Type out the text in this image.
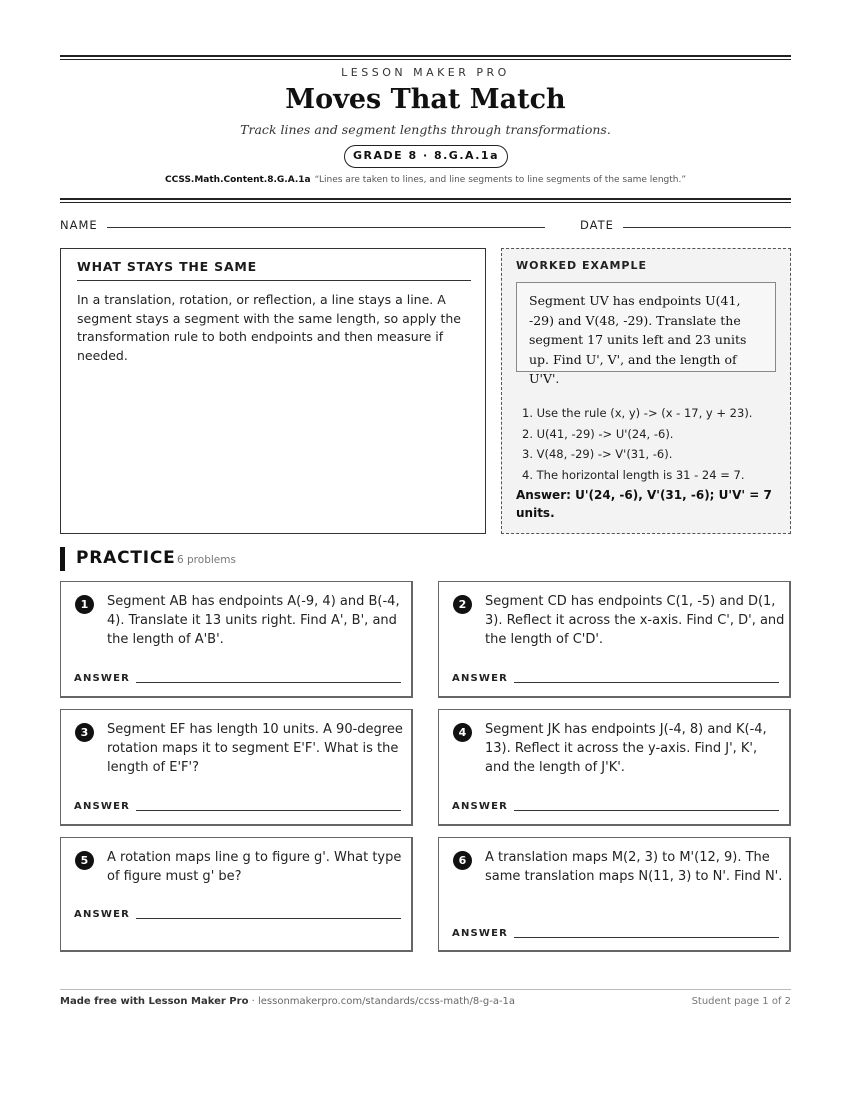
LESSON MAKER PRO
Moves That Match
Track lines and segment lengths through transformations.
GRADE 8 · 8.G.A.1a
CCSS.Math.Content.8.G.A.1a “Lines are taken to lines, and line segments to line segments of the same length.”
NAME	DATE
WHAT STAYS THE SAME
In a translation, rotation, or reflection, a line stays a line. A segment stays a segment with the same length, so apply the transformation rule to both endpoints and then measure if needed.
WORKED EXAMPLE
Segment UV has endpoints U(41, -29) and V(48, -29). Translate the segment 17 units left and 23 units up. Find U', V', and the length of U'V'.
1. Use the rule (x, y) -> (x - 17, y + 23).
2. U(41, -29) -> U'(24, -6).
3. V(48, -29) -> V'(31, -6).
4. The horizontal length is 31 - 24 = 7.
Answer: U'(24, -6), V'(31, -6); U'V' = 7 units.
PRACTICE 6 problems
1	Segment AB has endpoints A(-9, 4) and B(-4, 4). Translate it 13 units right. Find A', B', and the length of A'B'.
ANSWER
2	Segment CD has endpoints C(1, -5) and D(1, 3). Reflect it across the x-axis. Find C', D', and the length of C'D'.
ANSWER
3	Segment EF has length 10 units. A 90-degree rotation maps it to segment E'F'. What is the length of E'F'?
ANSWER
4	Segment JK has endpoints J(-4, 8) and K(-4, 13). Reflect it across the y-axis. Find J', K', and the length of J'K'.
ANSWER
5	A rotation maps line g to figure g'. What type of figure must g' be?
ANSWER
6	A translation maps M(2, 3) to M'(12, 9). The same translation maps N(11, 3) to N'. Find N'.
ANSWER
Made free with Lesson Maker Pro · lessonmakerpro.com/standards/ccss-math/8-g-a-1a	Student page 1 of 2
